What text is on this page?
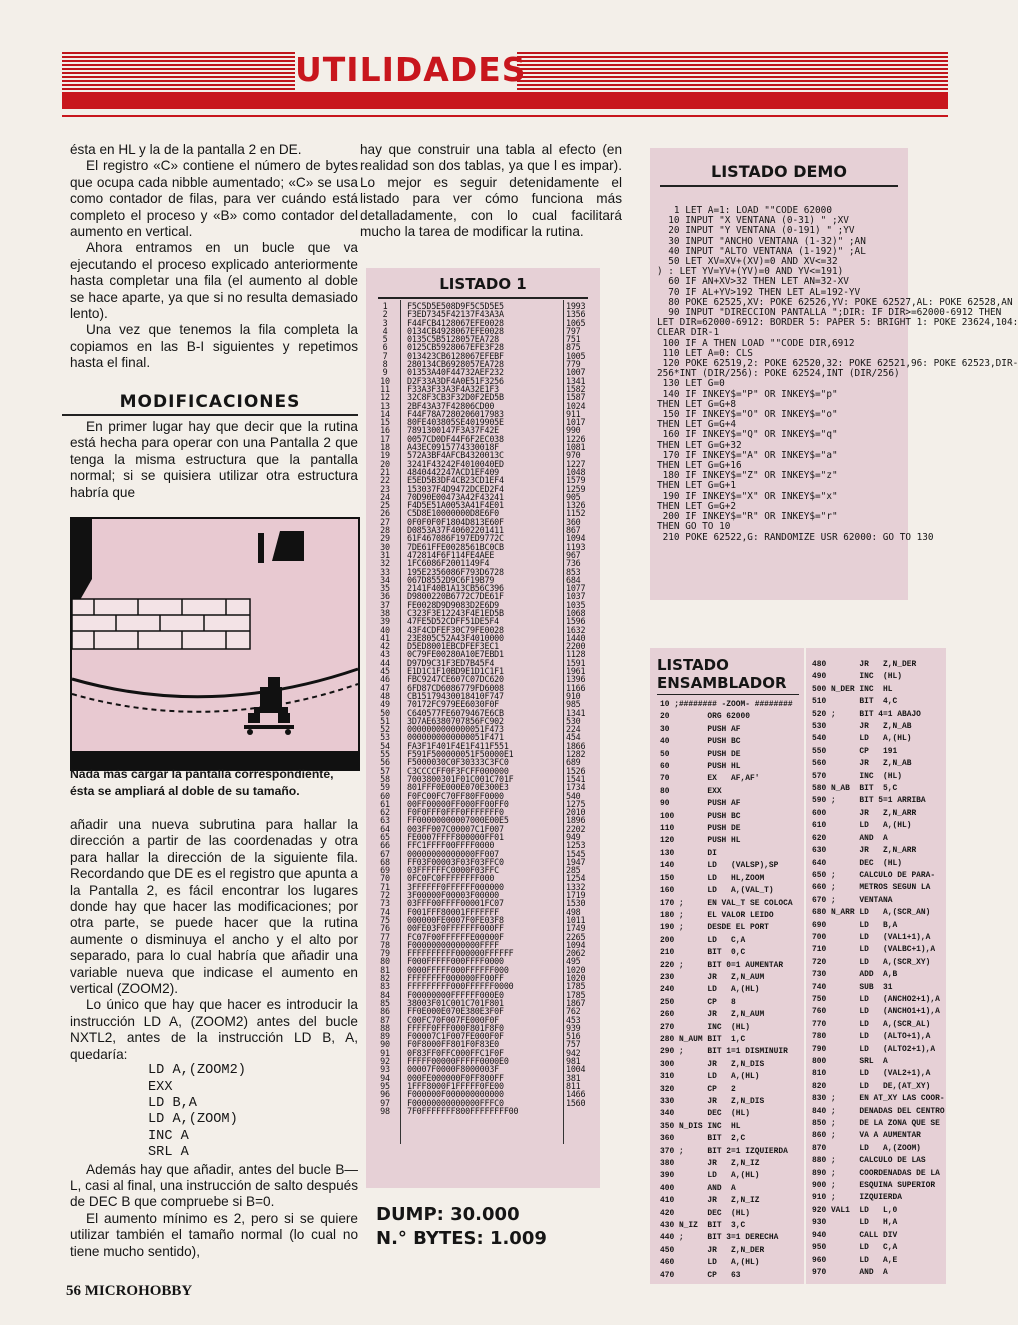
UTILIDADES

ésta en HL y la de la pantalla 2 en DE.

El registro «C» contiene el número de bytes que ocupa cada nibble aumentado; «C» se usa como contador de filas, para ver cuándo está completo el proceso y «B» como contador del aumento en vertical.

Ahora entramos en un bucle que va ejecutando el proceso explicado anteriormente hasta completar una fila (el aumento al doble se hace aparte, ya que si no resulta demasiado lento).

Una vez que tenemos la fila completa la copiamos en las B-I siguientes y repetimos hasta el final.

MODIFICACIONES

En primer lugar hay que decir que la rutina está hecha para operar con una Pantalla 2 que tenga la misma estructura que la pantalla normal; si se quisiera utilizar otra estructura habría que

Nada más cargar la pantalla correspondiente, ésta se ampliará al doble de su tamaño.

añadir una nueva subrutina para hallar la dirección a partir de las coordenadas y otra para hallar la dirección de la siguiente fila. Recordando que DE es el registro que apunta a la Pantalla 2, es fácil encontrar los lugares donde hay que hacer las modificaciones; por otra parte, se puede hacer que la rutina aumente o disminuya el ancho y el alto por separado, para lo cual habría que añadir una variable nueva que indicase el aumento en vertical (ZOOM2).

Lo único que hay que hacer es introducir la instrucción LD A, (ZOOM2) antes del bucle NXTL2, antes de la instrucción LD B, A, quedaría:

LD A,(ZOOM2)
EXX
LD B,A
LD A,(ZOOM)
INC A
SRL A

Además hay que añadir, antes del bucle B—L, casi al final, una instrucción de salto después de DEC B que compruebe si B=0.

El aumento mínimo es 2, pero si se quiere utilizar también el tamaño normal (lo cual no tiene mucho sentido),

hay que construir una tabla al efecto (en realidad son dos tablas, ya que l es impar). Lo mejor es seguir detenidamente el listado para ver cómo funciona más detalladamente, con lo cual facilitará mucho la tarea de modificar la rutina.

LISTADO 1
1
2
3
4
5
6
7
8
9
10
11
12
13
14
15
16
17
18
19
20
21
22
23
24
25
26
27
28
29
30
31
32
33
34
35
36
37
38
39
40
41
42
43
44
45
46
47
48
49
50
51
52
53
54
55
56
57
58
59
60
61
62
63
64
65
66
67
68
69
70
71
72
73
74
75
76
77
78
79
80
81
82
83
84
85
86
87
88
89
90
91
92
93
94
95
96
97
98
F5C5D5E508D9F5C5D5E5
F3ED7345F42137F43A3A
F44FCB4128067EFE0028
0134CB4928067EFE0028
0135C5B5128057EA728
0125CB5928067EFE3F28
013423CB6128067EFEBF
280134CB6928057EA728
01353A40F44732AEF232
D2F33A3DF4A0E51F3256
F33A3F33A3F4A32E1F3
32C8F3CB3F32D0F2ED5B
2BF43A37F42806CD00
F44F78A7280206017983
80FE403805SE4019905E
7891300147F3A37F42E
0057CD0DF44F6F2EC038
A43EC0915774330018F
572A3BF4AFCB4320013C
3241F43242F4010040ED
4840442247ACD1EF409
E5ED5B3DF4CB23CD1EF4
153037F4D9472DCED2F4
70D90E00473A42F43241
F4D5E51A0053A41F4E01
C5D8E10000000D8E6F0
0F0F0F0F1804D813E60F
D0853A37F40602201411
61F467086F197ED9772C
7DE61FFE0028561BC0CB
472814F6F114FE4AEE
1FC6086F2001149F4
195E2356086F793D6728
067D8552D9C6F19B79
2141F40B1A13CB56C396
D9800220B6772C7DE61F
FE0028D9D9083D2E6D9
C323F3E12243F4E1ED5B
47FE5D52CDFF51DE5F4
43F4CDFEF30C79FE0028
23E805C52A43F4010000
D5ED8001EBCDFEF3EC1
0C79FE00280A10E7EBD1
D97D9C31F3ED7B45F4
E1D1C1F10BD9E1D1C1F1
FBC9247CE607C07DC620
6FD87CD6086779FD6008
CB15179430018410F747
70172FC979EE6030F0F
C640577FE6079467E6CB
3D7AE6380707856FC902
0000000000000051F473
0000000000000051F471
FA3F1F401F4E1F411F551
F591F500000051F50000E1
F5000030C0F30333C3FC0
C3CCCCFF0F3FCFF000000
7003800301F01C001C701F
801FFF0E000E070E300E3
F0FC00FC70FF80FF0000
00FF00000FF000FF00FF0
F0F0FFF0FFF0FFFFFFF0
FF00000000007000E00E5
003FF007C00007C1F007
FE0007FFFF800000FF01
FFC1FFFF00FFFF0000
00000000000000FF007
FF03F00003F03F03FFC0
03FFFFFFC0000F03FFC
0FC0FC0FFFFFFFF000
3FFFFFF0FFFFFF000000
3F00000F00003F00000
03FFF00FFFF00001FC07
F001FFF80001FFFFFFF
000000FE0007F0FE03F8
00FE03F0FFFFFFF000FF
FC07F00FFFFFFE00000F
F00000000000000FFFF
FFFFFFFFFF000000FFFFFF
F000FFFFF000FFFF0000
0000FFFFF000FFFFFF000
FFFFFFFF000000FF00FF
FFFFFFFFF000FFFFFF0000
F00000000FFFFFF000E0
38003F01C001C701F801
FF0E000E070E380E3F0F
C00FC70F007FE000F0F
FFFFF0FFF000F801F8F0
F00007C1F007FE000F0F
F0F8000FF801F0F83E0
0F83FF0FFC000FFC1F0F
FFFFF00000FFFFF0000E0
00007F0000F8000003F
000FE000000F0FF800FF
1FFF8000F1FFFFF0FE00
F000000F000000000000
F00000000000000FFFC0
7F0FFFFFFF800FFFFFFFF00
1993
1356
1065
797
751
875
1005
779
1007
1341
1582
1587
1024
911
1017
990
1226
1081
970
1227
1048
1579
1259
905
1326
1152
360
867
1094
1193
967
736
853
684
1077
1037
1035
1068
1596
1632
1440
2200
1128
1591
1961
1396
1166
910
985
1341
530
224
454
1866
1282
689
1526
1541
1734
540
1275
2010
1896
2202
949
1253
1545
1947
285
1254
1332
1719
1530
498
1011
1749
2265
1094
2062
495
1020
1020
1785
1785
1867
762
453
939
516
757
942
981
1004
381
811
1466
1560
DUMP: 30.000
N.° BYTES: 1.009
LISTADO DEMO
1 LET A=1: LOAD ""CODE 62000
10 INPUT "X VENTANA (0-31) " ;XV
20 INPUT "Y VENTANA (0-191) " ;YV
30 INPUT "ANCHO VENTANA (1-32)" ;AN
40 INPUT "ALTO VENTANA (1-192)" ;AL
50 LET XV=XV+(XV)=0 AND XV<=32
) : LET YV=YV+(YV)=0 AND YV<=191)
60 IF AN+XV>32 THEN LET AN=32-XV
70 IF AL+YV>192 THEN LET AL=192-YV
80 POKE 62525,XV: POKE 62526,YV: POKE 62527,AL: POKE 62528,AN
90 INPUT "DIRECCION PANTALLA ";DIR: IF DIR>=62000-6912 THEN
LET DIR=62000-6912: BORDER 5: PAPER 5: BRIGHT 1: POKE 23624,104:
CLEAR DIR-1
100 IF A THEN LOAD ""CODE DIR,6912
110 LET A=0: CLS
120 POKE 62519,2: POKE 62520,32: POKE 62521,96: POKE 62523,DIR-
256*INT (DIR/256): POKE 62524,INT (DIR/256)
130 LET G=0
140 IF INKEY$="P" OR INKEY$="p"
THEN LET G=G+8
150 IF INKEY$="O" OR INKEY$="o"
THEN LET G=G+4
160 IF INKEY$="Q" OR INKEY$="q"
THEN LET G=G+32
170 IF INKEY$="A" OR INKEY$="a"
THEN LET G=G+16
180 IF INKEY$="Z" OR INKEY$="z"
THEN LET G=G+1
190 IF INKEY$="X" OR INKEY$="x"
THEN LET G=G+2
200 IF INKEY$="R" OR INKEY$="r"
THEN GO TO 10
210 POKE 62522,G: RANDOMIZE USR 62000: GO TO 130
LISTADO
ENSAMBLADOR
10 ;######## -ZOOM- ########
20        ORG 62000
30        PUSH AF
40        PUSH BC
50        PUSH DE
60        PUSH HL
70        EX   AF,AF'
80        EXX
90        PUSH AF
100       PUSH BC
110       PUSH DE
120       PUSH HL
130       DI
140       LD   (VALSP),SP
150       LD   HL,ZOOM
160       LD   A,(VAL_T)
170 ;     EN VAL_T SE COLOCA
180 ;     EL VALOR LEIDO
190 ;     DESDE EL PORT
200       LD   C,A
210       BIT  0,C
220 ;     BIT 0=1 AUMENTAR
230       JR   Z,N_AUM
240       LD   A,(HL)
250       CP   8
260       JR   Z,N_AUM
270       INC  (HL)
280 N_AUM BIT  1,C
290 ;     BIT 1=1 DISMINUIR
300       JR   Z,N_DIS
310       LD   A,(HL)
320       CP   2
330       JR   Z,N_DIS
340       DEC  (HL)
350 N_DIS INC  HL
360       BIT  2,C
370 ;     BIT 2=1 IZQUIERDA
380       JR   Z,N_IZ
390       LD   A,(HL)
400       AND  A
410       JR   Z,N_IZ
420       DEC  (HL)
430 N_IZ  BIT  3,C
440 ;     BIT 3=1 DERECHA
450       JR   Z,N_DER
460       LD   A,(HL)
470       CP   63
480       JR   Z,N_DER
490       INC  (HL)
500 N_DER INC  HL
510       BIT  4,C
520 ;     BIT 4=1 ABAJO
530       JR   Z,N_AB
540       LD   A,(HL)
550       CP   191
560       JR   Z,N_AB
570       INC  (HL)
580 N_AB  BIT  5,C
590 ;     BIT 5=1 ARRIBA
600       JR   Z,N_ARR
610       LD   A,(HL)
620       AND  A
630       JR   Z,N_ARR
640       DEC  (HL)
650 ;     CALCULO DE PARA-
660 ;     METROS SEGUN LA
670 ;     VENTANA
680 N_ARR LD   A,(SCR_AN)
690       LD   B,A
700       LD   (VAL1+1),A
710       LD   (VALBC+1),A
720       LD   A,(SCR_XY)
730       ADD  A,B
740       SUB  31
750       LD   (ANCHO2+1),A
760       LD   (ANCHO1+1),A
770       LD   A,(SCR_AL)
780       LD   (ALTO+1),A
790       LD   (ALTO2+1),A
800       SRL  A
810       LD   (VAL2+1),A
820       LD   DE,(AT_XY)
830 ;     EN AT_XY LAS COOR-
840 ;     DENADAS DEL CENTRO
850 ;     DE LA ZONA QUE SE
860 ;     VA A AUMENTAR
870       LD   A,(ZOOM)
880 ;     CALCULO DE LAS
890 ;     COORDENADAS DE LA
900 ;     ESQUINA SUPERIOR
910 ;     IZQUIERDA
920 VAL1  LD   L,0
930       LD   H,A
940       CALL DIV
950       LD   C,A
960       LD   A,E
970       AND  A
56 MICROHOBBY
